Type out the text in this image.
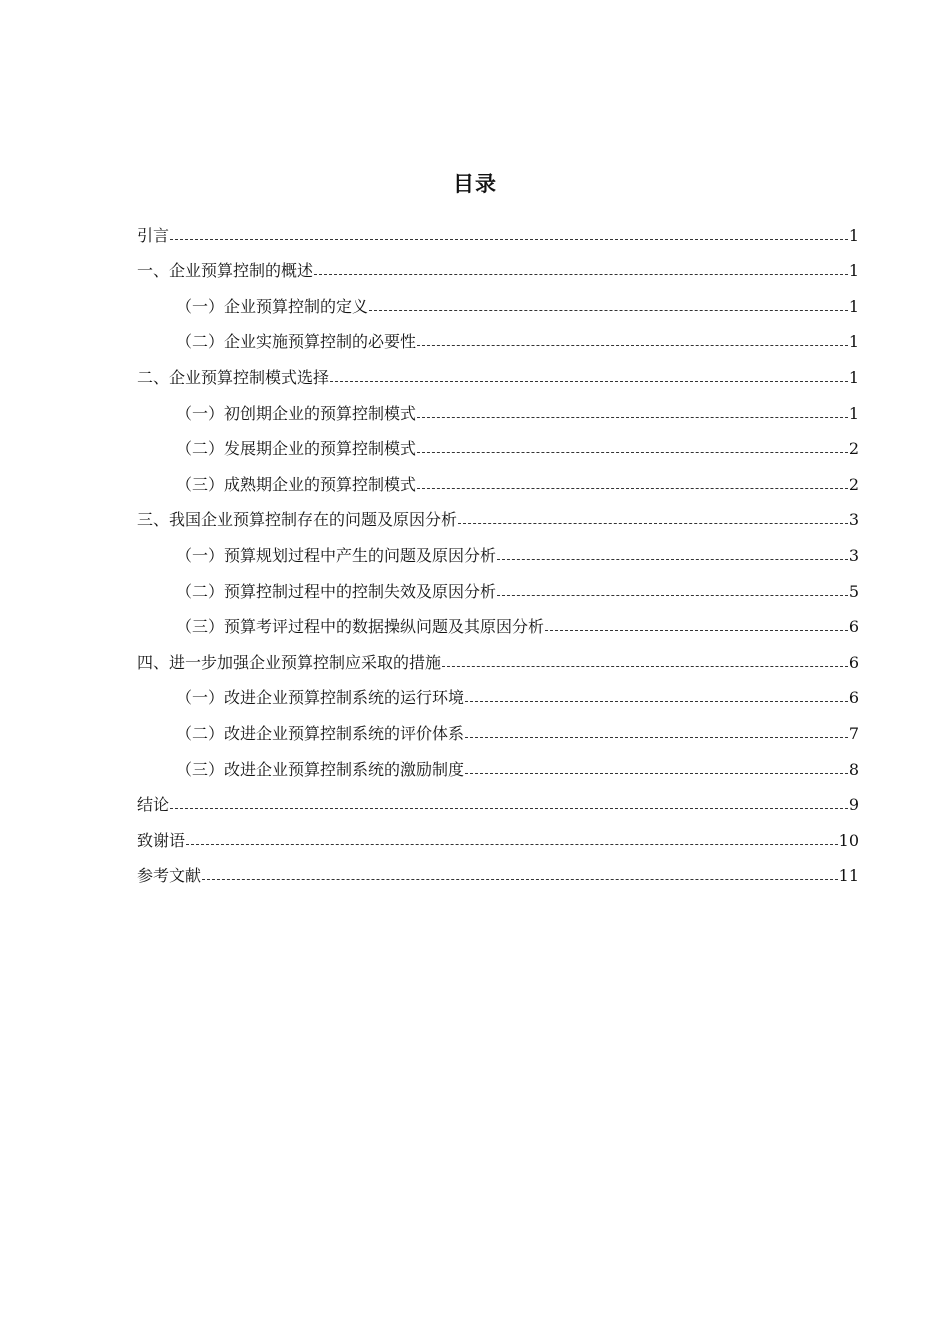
目录
引言	1
一、企业预算控制的概述	1
（一）企业预算控制的定义	1
（二）企业实施预算控制的必要性	1
二、企业预算控制模式选择	1
（一）初创期企业的预算控制模式	1
（二）发展期企业的预算控制模式	2
（三）成熟期企业的预算控制模式	2
三、我国企业预算控制存在的问题及原因分析	3
（一）预算规划过程中产生的问题及原因分析	3
（二）预算控制过程中的控制失效及原因分析	5
（三）预算考评过程中的数据操纵问题及其原因分析	6
四、进一步加强企业预算控制应采取的措施	6
（一）改进企业预算控制系统的运行环境	6
（二）改进企业预算控制系统的评价体系	7
（三）改进企业预算控制系统的激励制度	8
结论	9
致谢语	10
参考文献	11
